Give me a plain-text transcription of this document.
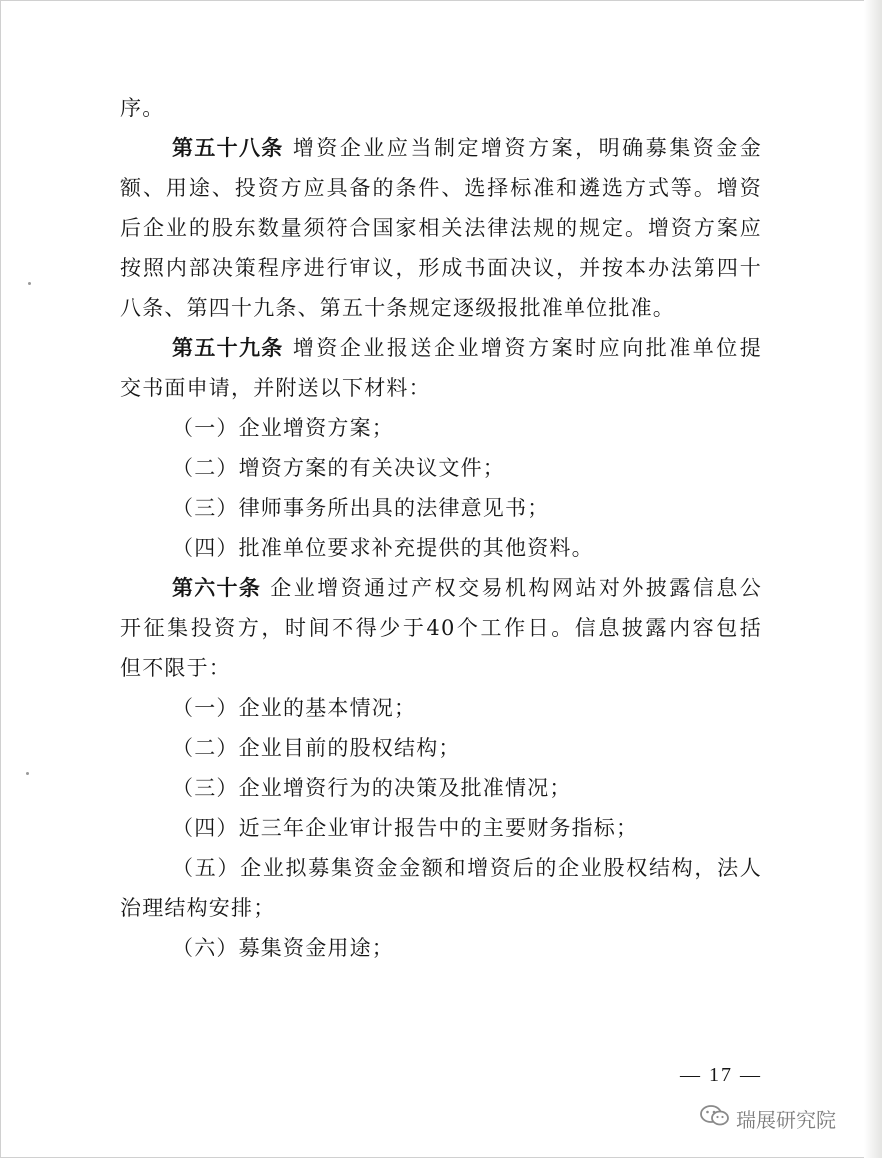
序。
第五十八条 增资企业应当制定增资方案，明确募集资金金
额、用途、投资方应具备的条件、选择标准和遴选方式等。增资
后企业的股东数量须符合国家相关法律法规的规定。增资方案应
按照内部决策程序进行审议，形成书面决议，并按本办法第四十
八条、第四十九条、第五十条规定逐级报批准单位批准。
第五十九条 增资企业报送企业增资方案时应向批准单位提
交书面申请，并附送以下材料：
（一）企业增资方案；
（二）增资方案的有关决议文件；
（三）律师事务所出具的法律意见书；
（四）批准单位要求补充提供的其他资料。
第六十条 企业增资通过产权交易机构网站对外披露信息公
开征集投资方，时间不得少于40个工作日。信息披露内容包括
但不限于：
（一）企业的基本情况；
（二）企业目前的股权结构；
（三）企业增资行为的决策及批准情况；
（四）近三年企业审计报告中的主要财务指标；
（五）企业拟募集资金金额和增资后的企业股权结构，法人
治理结构安排；
（六）募集资金用途；
— 17 —
瑞展研究院
